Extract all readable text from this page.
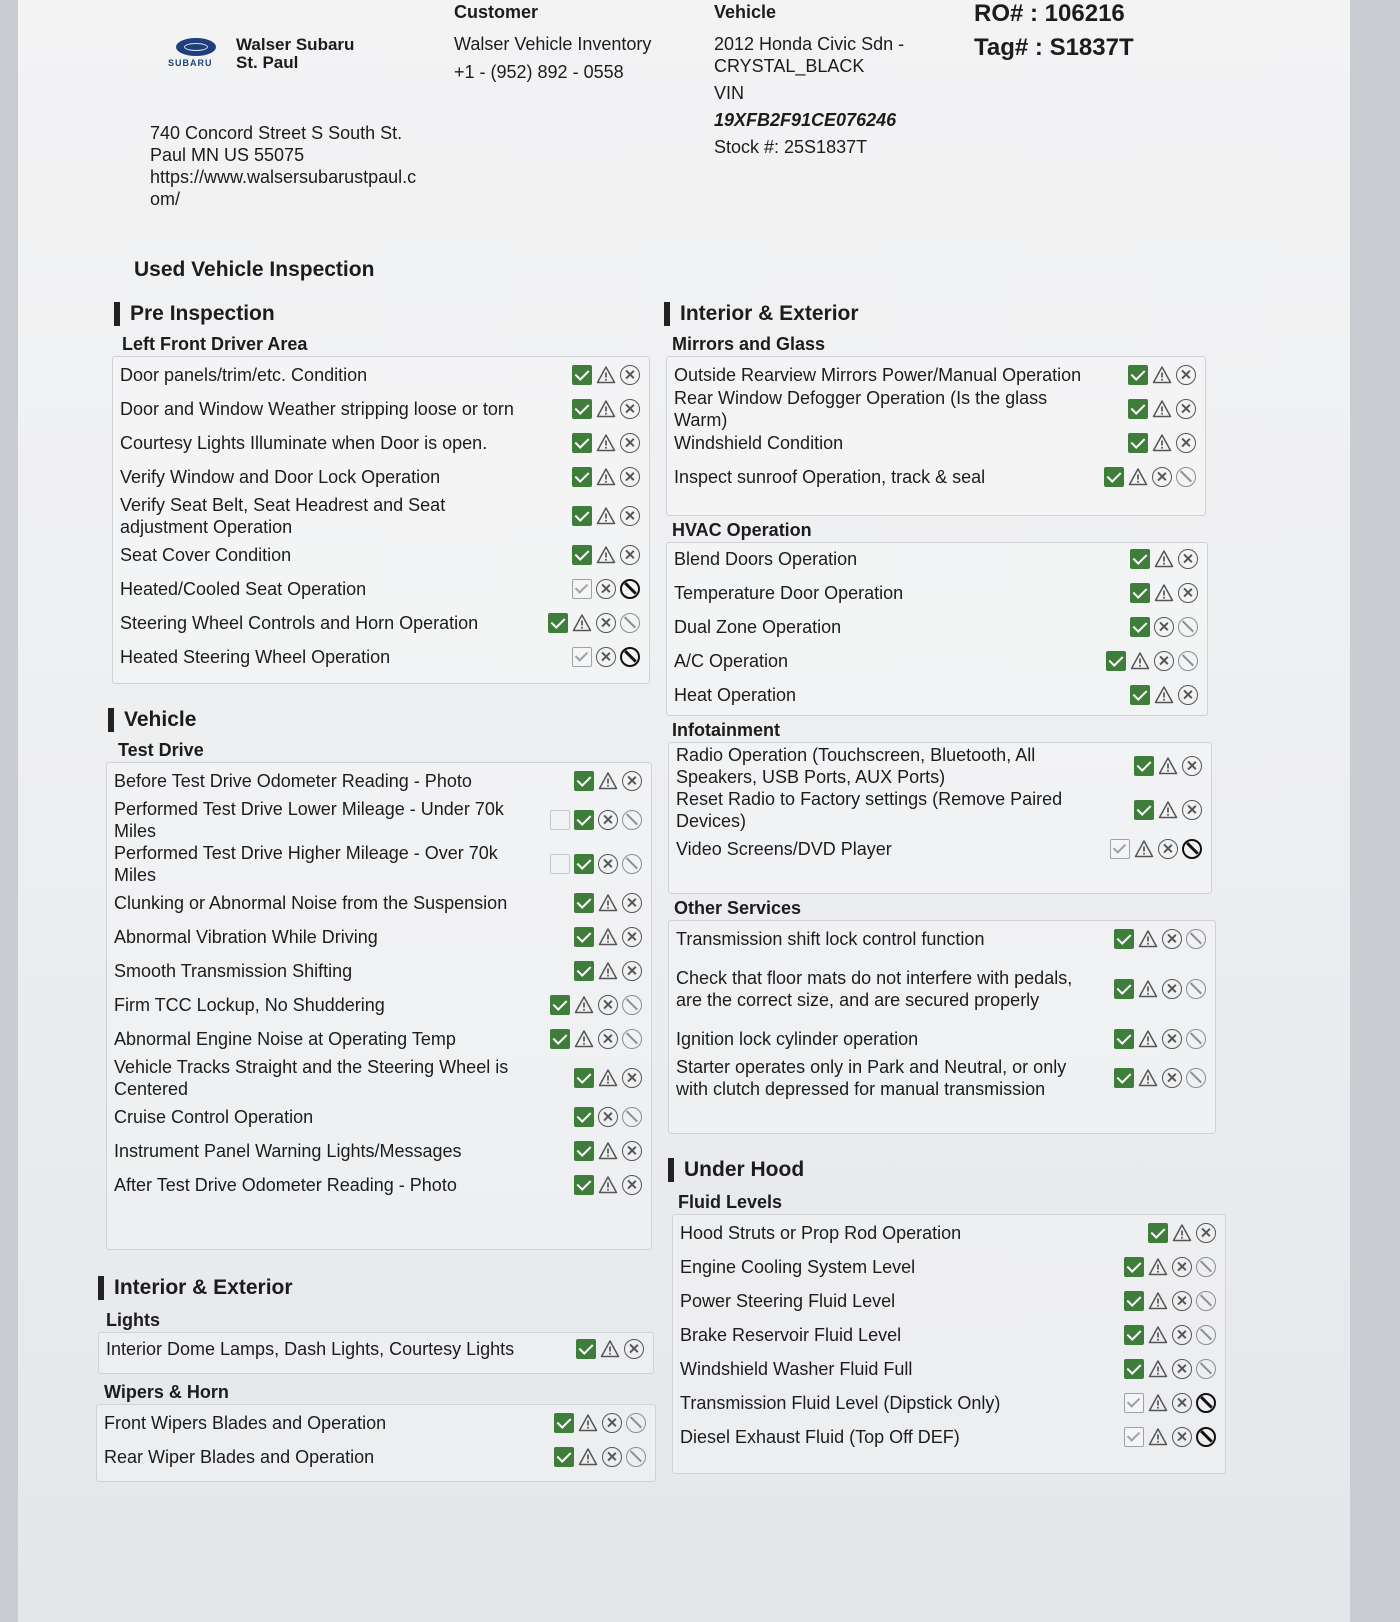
SUBARU
Walser Subaru
St. Paul
740 Concord Street S South St.
Paul MN US 55075
https://www.walsersubarustpaul.c
om/
Customer
Walser Vehicle Inventory
+1 - (952) 892 - 0558
Vehicle
2012 Honda Civic Sdn -
CRYSTAL_BLACK
VIN
19XFB2F91CE076246
Stock #: 25S1837T
RO# : 106216
Tag# : S1837T
Used Vehicle Inspection
Pre Inspection
Left Front Driver Area
Vehicle
Test Drive
Interior & Exterior
Lights
Wipers & Horn
Interior & Exterior
Mirrors and Glass
HVAC Operation
Infotainment
Other Services
Under Hood
Fluid Levels
Door panels/trim/etc. Condition
Door and Window Weather stripping loose or torn
Courtesy Lights Illuminate when Door is open.
Verify Window and Door Lock Operation
Verify Seat Belt, Seat Headrest and Seat adjustment Operation
Seat Cover Condition
Heated/Cooled Seat Operation
Steering Wheel Controls and Horn Operation
Heated Steering Wheel Operation
Before Test Drive Odometer Reading - Photo
Performed Test Drive Lower Mileage - Under 70k Miles
Performed Test Drive Higher Mileage - Over 70k Miles
Clunking or Abnormal Noise from the Suspension
Abnormal Vibration While Driving
Smooth Transmission Shifting
Firm TCC Lockup, No Shuddering
Abnormal Engine Noise at Operating Temp
Vehicle Tracks Straight and the Steering Wheel is Centered
Cruise Control Operation
Instrument Panel Warning Lights/Messages
After Test Drive Odometer Reading - Photo
Interior Dome Lamps, Dash Lights, Courtesy Lights
Front Wipers Blades and Operation
Rear Wiper Blades and Operation
Outside Rearview Mirrors Power/Manual Operation
Rear Window Defogger Operation (Is the glass Warm)
Windshield Condition
Inspect sunroof Operation, track & seal
Blend Doors Operation
Temperature Door Operation
Dual Zone Operation
A/C Operation
Heat Operation
Radio Operation (Touchscreen, Bluetooth, All Speakers, USB Ports, AUX Ports)
Reset Radio to Factory settings (Remove Paired Devices)
Video Screens/DVD Player
Transmission shift lock control function
Check that floor mats do not interfere with pedals, are the correct size, and are secured properly
Ignition lock cylinder operation
Starter operates only in Park and Neutral, or only with clutch depressed for manual transmission
Hood Struts or Prop Rod Operation
Engine Cooling System Level
Power Steering Fluid Level
Brake Reservoir Fluid Level
Windshield Washer Fluid Full
Transmission Fluid Level (Dipstick Only)
Diesel Exhaust Fluid (Top Off DEF)
